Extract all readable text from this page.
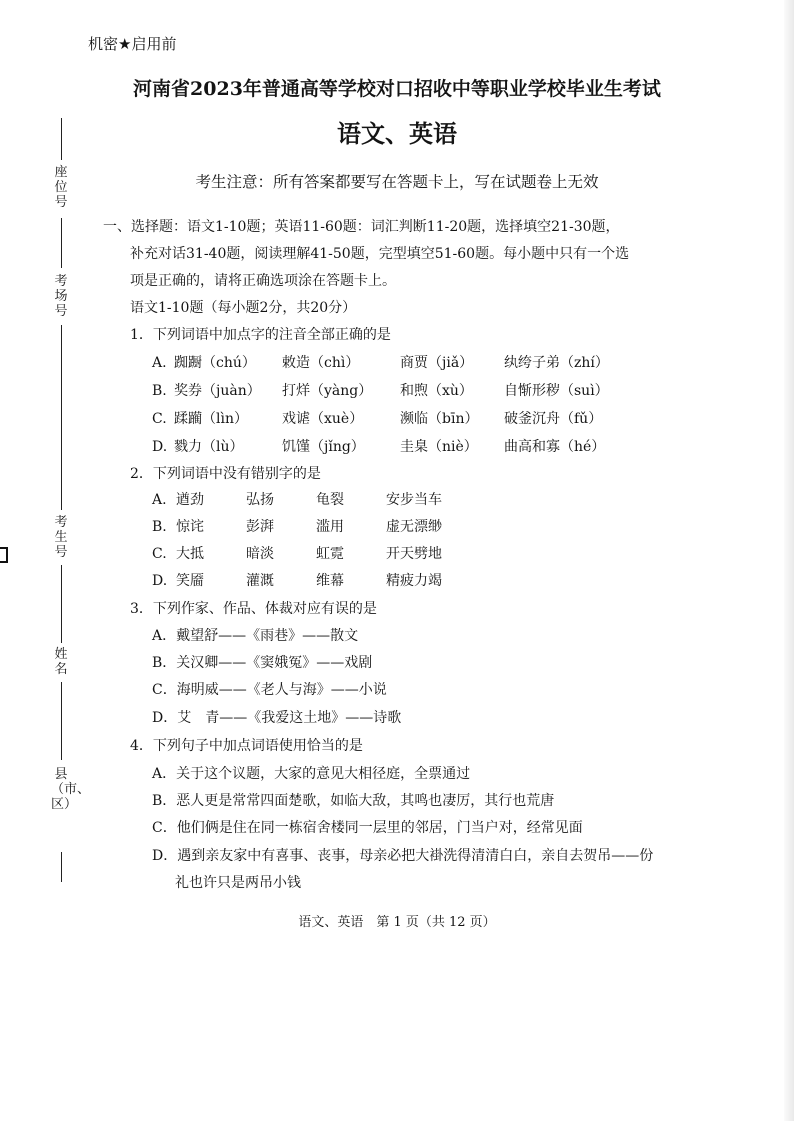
机密★启用前
河南省2023年普通高等学校对口招收中等职业学校毕业生考试
语文、英语
考生注意：所有答案都要写在答题卡上，写在试题卷上无效
座位号
考场号
考生号
姓名
县（市、区）
一、选择题：语文1-10题；英语11-60题：词汇判断11-20题，选择填空21-30题，
补充对话31-40题，阅读理解41-50题，完型填空51-60题。每小题中只有一个选
项是正确的，请将正确选项涂在答题卡上。
语文1-10题（每小题2分，共20分）
1．下列词语中加点字的注音全部正确的是
A. 踟蹰（chú） 敕造（chì）	商贾（jiǎ） 纨绔子弟（zhí）
B. 奖券（juàn） 打烊（yàng） 和煦（xù） 自惭形秽（suì）
C. 蹂躏（lìn） 戏谑（xuè）	濒临（bīn） 破釜沉舟（fǔ）
D. 戮力（lù）	饥馑（jǐng）	圭臬（niè） 曲高和寡（hé）
2．下列词语中没有错别字的是
A. 遒劲	弘扬	龟裂	安步当车
B. 惊诧	彭湃	滥用	虚无漂缈
C. 大抵	暗淡	虹霓	开天劈地
D. 笑靥	灌溉	维幕	精疲力竭
3．下列作家、作品、体裁对应有误的是
A．戴望舒——《雨巷》——散文
B．关汉卿——《窦娥冤》——戏剧
C．海明威——《老人与海》——小说
D．艾　青——《我爱这土地》——诗歌
4．下列句子中加点词语使用恰当的是
A．关于这个议题，大家的意见大相径庭，全票通过
B．恶人更是常常四面楚歌，如临大敌，其鸣也凄厉，其行也荒唐
C．他们俩是住在同一栋宿舍楼同一层里的邻居，门当户对，经常见面
D．遇到亲友家中有喜事、丧事，母亲必把大褂洗得清清白白，亲自去贺吊——份
礼也许只是两吊小钱
语文、英语　第 1 页（共 12 页）
